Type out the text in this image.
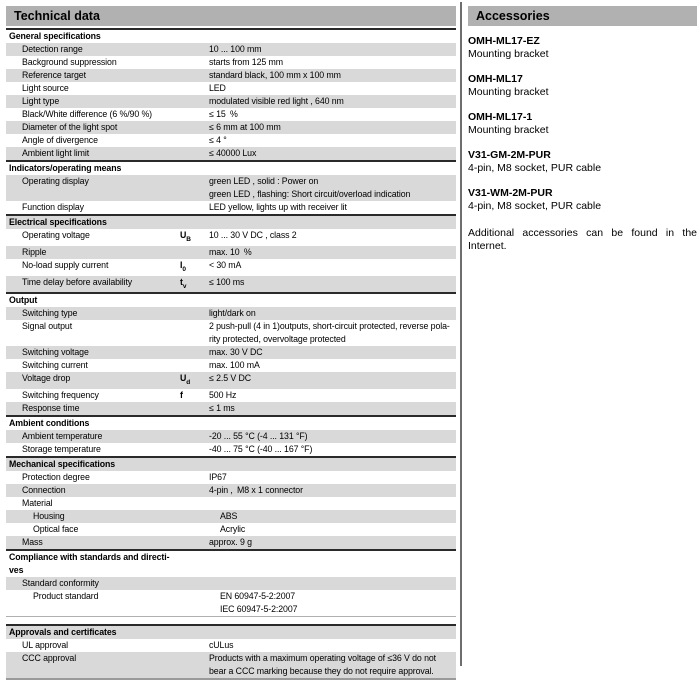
Technical data
General specifications
Detection range	10 ... 100 mm
Background suppression	starts from 125 mm
Reference target	standard black, 100 mm x 100 mm
Light source	LED
Light type	modulated visible red light , 640 nm
Black/White difference (6 %/90 %)	≤ 15 %
Diameter of the light spot	≤ 6 mm at 100 mm
Angle of divergence	≤ 4 °
Ambient light limit	≤ 40000 Lux
Indicators/operating means
Operating display	green LED , solid : Power on
green LED , flashing: Short circuit/overload indication
Function display	LED yellow, lights up with receiver lit
Electrical specifications
Operating voltage	$U_B$	10 ... 30 V DC , class 2
Ripple	max. 10 %
No-load supply current	$I_0$	< 30 mA
Time delay before availability	$t_v$	≤ 100 ms
Output
Switching type	light/dark on
Signal output	2 push-pull (4 in 1)outputs, short-circuit protected, reverse pola-
rity protected, overvoltage protected
Switching voltage	max. 30 V DC
Switching current	max. 100 mA
Voltage drop	$U_d$	≤ 2.5 V DC
Switching frequency	f	500 Hz
Response time	≤ 1 ms
Ambient conditions
Ambient temperature	-20 ... 55 °C (-4 ... 131 °F)
Storage temperature	-40 ... 75 °C (-40 ... 167 °F)
Mechanical specifications
Protection degree	IP67
Connection	4-pin , M8 x 1 connector
Material
Housing	ABS
Optical face	Acrylic
Mass	approx. 9 g
Compliance with standards and directi-
ves
Standard conformity
Product standard	EN 60947-5-2:2007
IEC 60947-5-2:2007
Approvals and certificates
UL approval	cULus
CCC approval	Products with a maximum operating voltage of ≤36 V do not
bear a CCC marking because they do not require approval.
Accessories
OMH-ML17-EZ
Mounting bracket
OMH-ML17
Mounting bracket
OMH-ML17-1
Mounting bracket
V31-GM-2M-PUR
4-pin, M8 socket, PUR cable
V31-WM-2M-PUR
4-pin, M8 socket, PUR cable

Additional accessories can be found in the Internet.
